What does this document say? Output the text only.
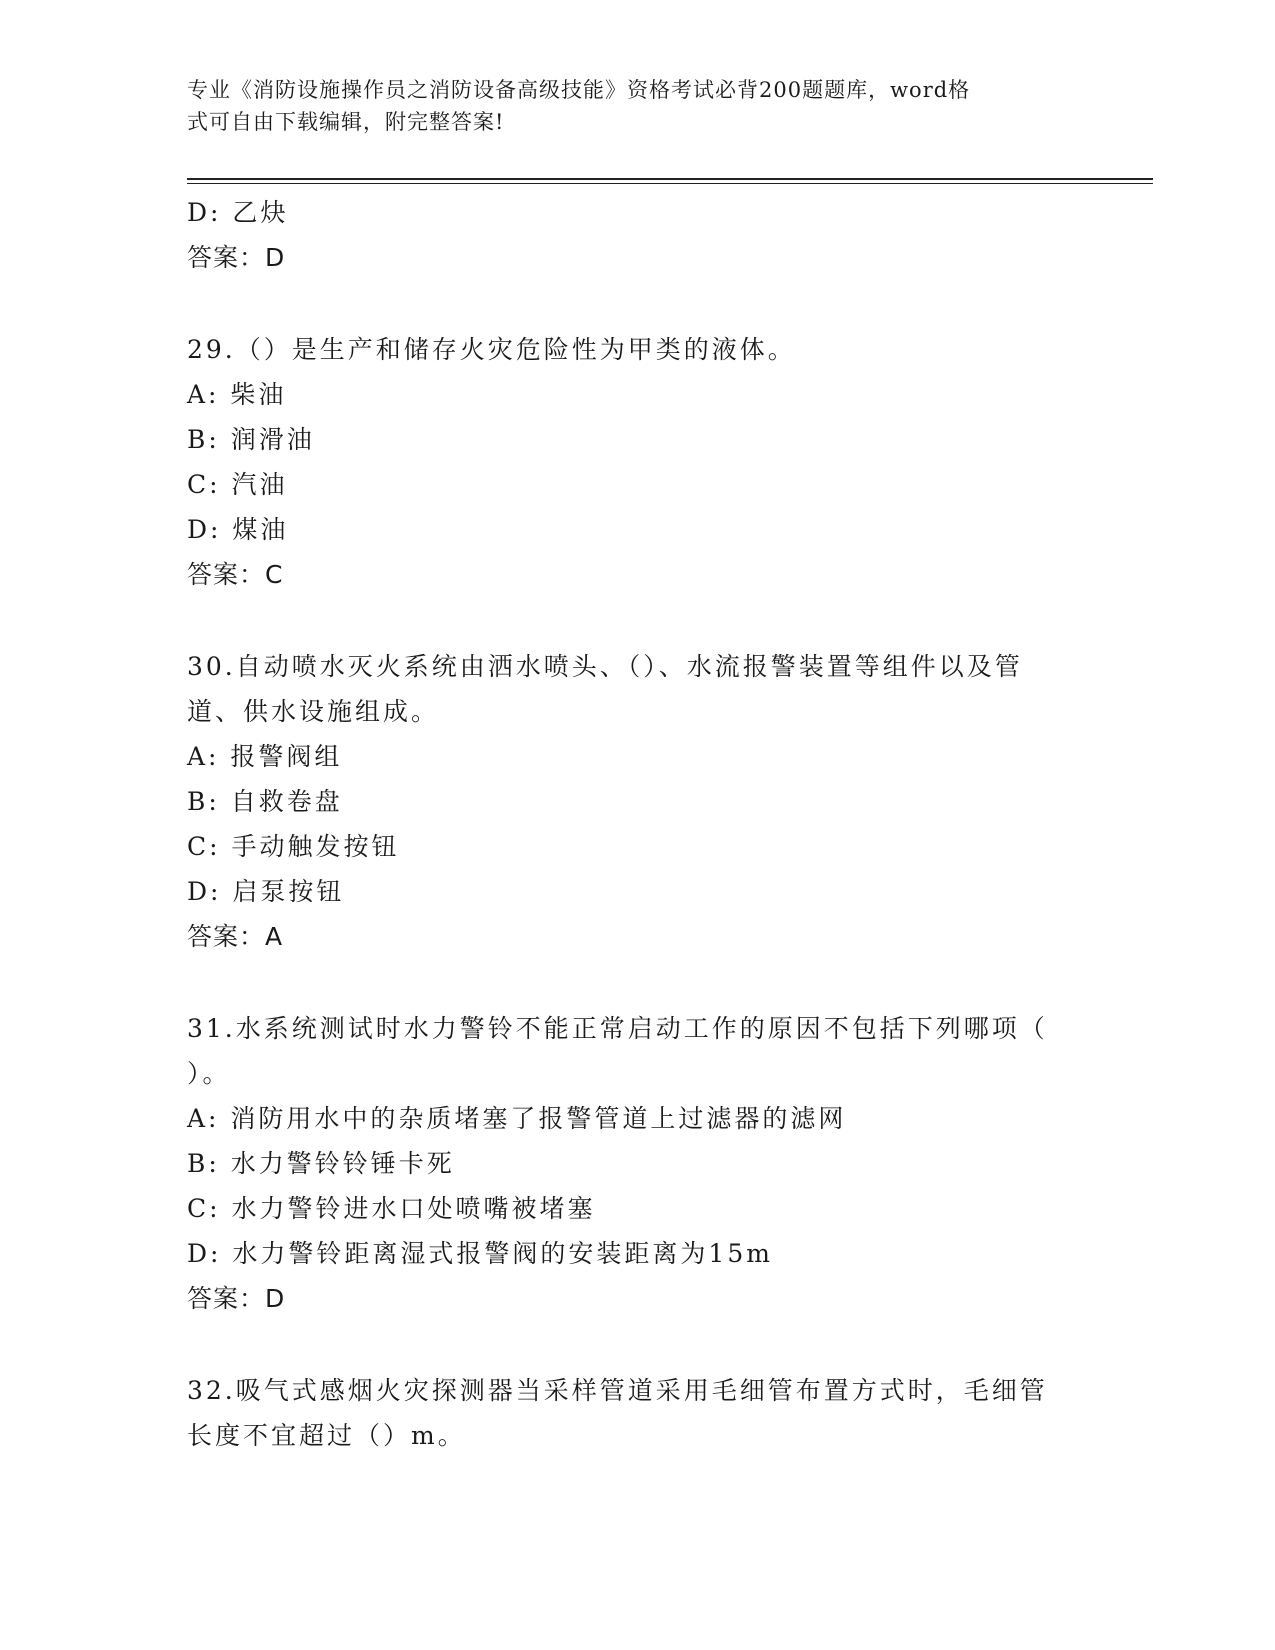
专业《消防设施操作员之消防设备高级技能》资格考试必背200题题库，word格
式可自由下载编辑，附完整答案!
D: 乙炔
答案：D
29.（）是生产和储存火灾危险性为甲类的液体。
A: 柴油
B: 润滑油
C: 汽油
D: 煤油
答案：C
30.自动喷水灭火系统由洒水喷头、（）、水流报警装置等组件以及管
道、供水设施组成。
A: 报警阀组
B: 自救卷盘
C: 手动触发按钮
D: 启泵按钮
答案：A
31.水系统测试时水力警铃不能正常启动工作的原因不包括下列哪项（
）。
A: 消防用水中的杂质堵塞了报警管道上过滤器的滤网
B: 水力警铃铃锤卡死
C: 水力警铃进水口处喷嘴被堵塞
D: 水力警铃距离湿式报警阀的安装距离为15m
答案：D
32.吸气式感烟火灾探测器当采样管道采用毛细管布置方式时，毛细管
长度不宜超过（）m。
